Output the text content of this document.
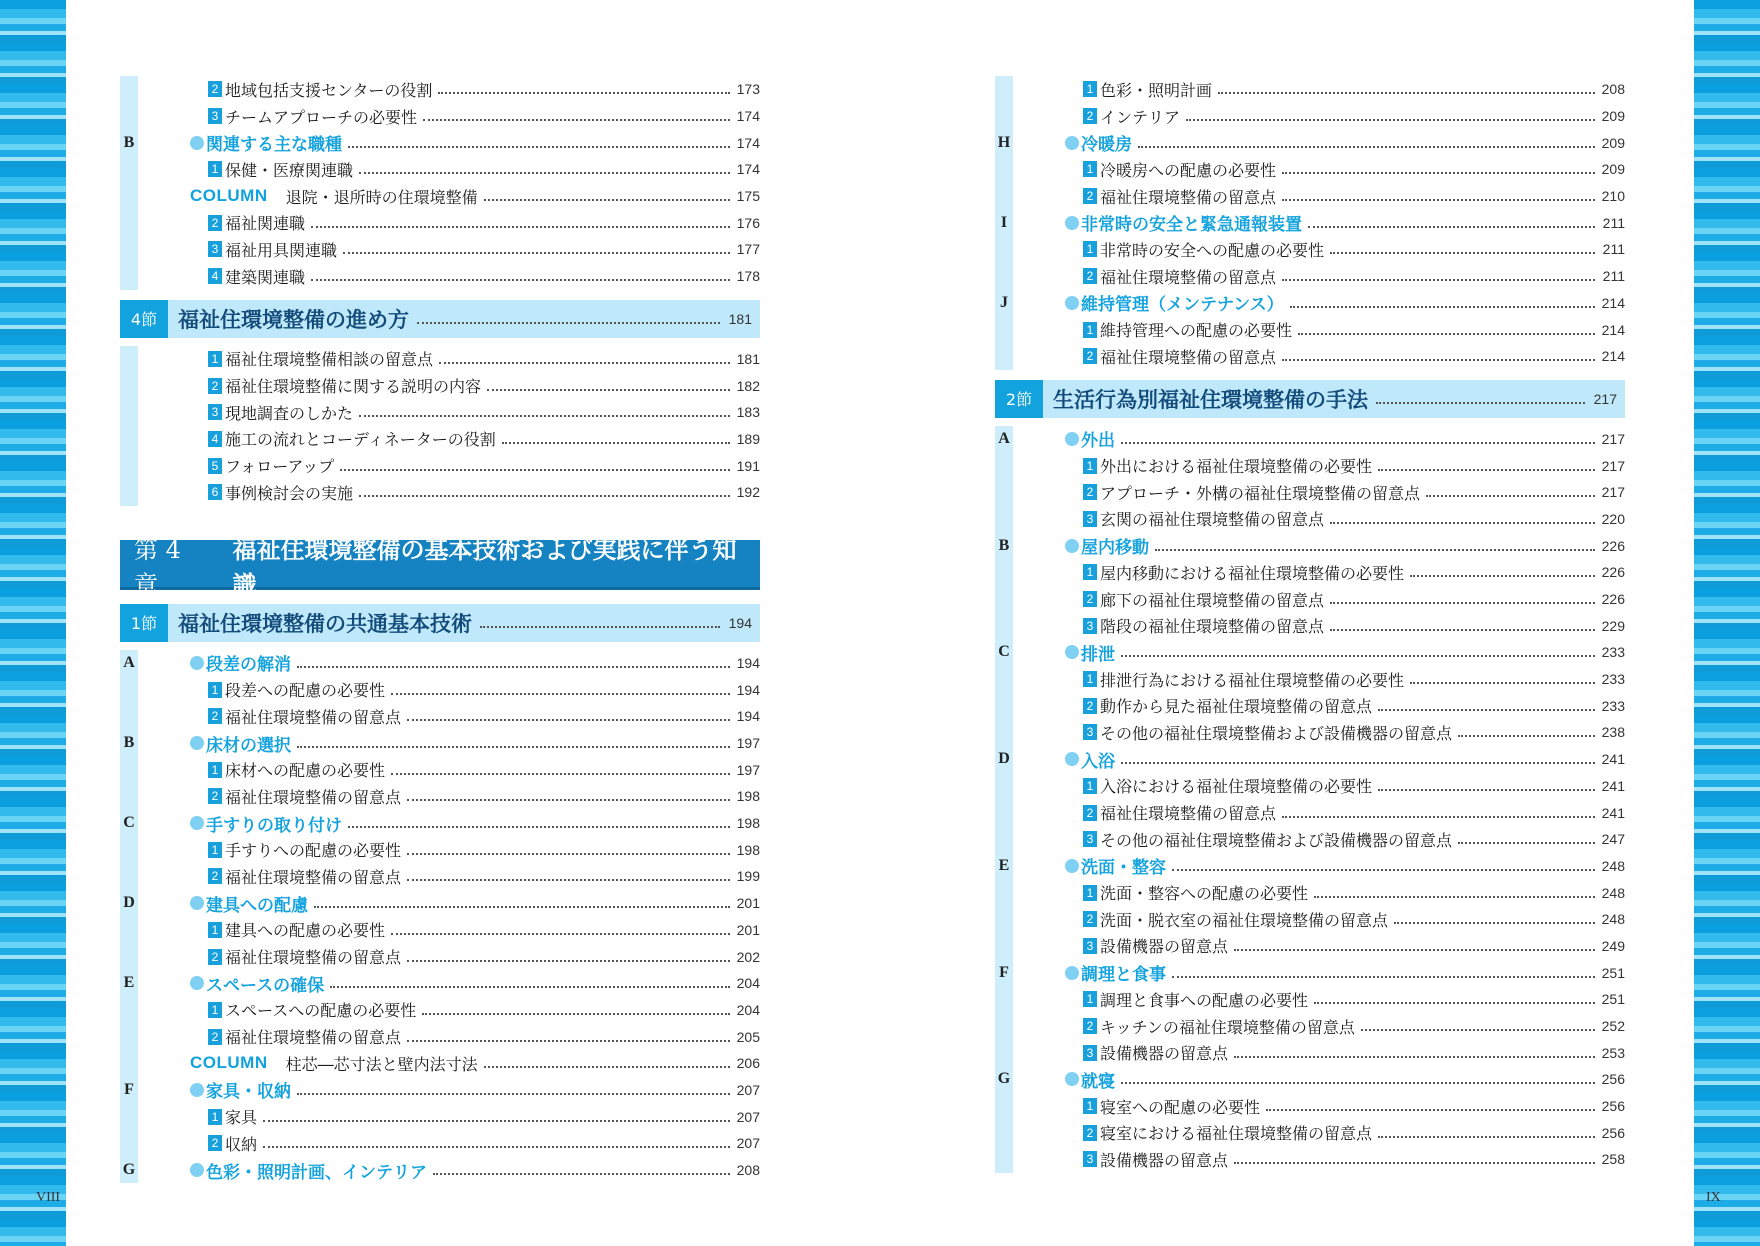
2 地域包括支援センターの役割	173
3 チームアプローチの必要性	174
B	関連する主な職種	174
1 保健・医療関連職	174
COLUMN 退院・退所時の住環境整備	175
2 福祉関連職	176
3 福祉用具関連職	177
4 建築関連職	178
4節 福祉住環境整備の進め方	181
1 福祉住環境整備相談の留意点	181
2 福祉住環境整備に関する説明の内容	182
3 現地調査のしかた	183
4 施工の流れとコーディネーターの役割	189
5 フォローアップ	191
6 事例検討会の実施	192
第 4 章
福祉住環境整備の基本技術および実践に伴う知識
1節 福祉住環境整備の共通基本技術	194
A	段差の解消	194
1 段差への配慮の必要性	194
2 福祉住環境整備の留意点	194
B	床材の選択	197
1 床材への配慮の必要性	197
2 福祉住環境整備の留意点	198
C	手すりの取り付け	198
1 手すりへの配慮の必要性	198
2 福祉住環境整備の留意点	199
D	建具への配慮	201
1 建具への配慮の必要性	201
2 福祉住環境整備の留意点	202
E	スペースの確保	204
1 スペースへの配慮の必要性	204
2 福祉住環境整備の留意点	205
COLUMN 柱芯―芯寸法と壁内法寸法	206
F	家具・収納	207
1 家具	207
2 収納	207
G	色彩・照明計画、インテリア	208
1 色彩・照明計画	208
2 インテリア	209
H	冷暖房	209
1 冷暖房への配慮の必要性	209
2 福祉住環境整備の留意点	210
I	非常時の安全と緊急通報装置	211
1 非常時の安全への配慮の必要性	211
2 福祉住環境整備の留意点	211
J	維持管理（メンテナンス）	214
1 維持管理への配慮の必要性	214
2 福祉住環境整備の留意点	214
2節 生活行為別福祉住環境整備の手法	217
A	外出	217
1 外出における福祉住環境整備の必要性	217
2 アプローチ・外構の福祉住環境整備の留意点	217
3 玄関の福祉住環境整備の留意点	220
B	屋内移動	226
1 屋内移動における福祉住環境整備の必要性	226
2 廊下の福祉住環境整備の留意点	226
3 階段の福祉住環境整備の留意点	229
C	排泄	233
1 排泄行為における福祉住環境整備の必要性	233
2 動作から見た福祉住環境整備の留意点	233
3 その他の福祉住環境整備および設備機器の留意点	238
D	入浴	241
1 入浴における福祉住環境整備の必要性	241
2 福祉住環境整備の留意点	241
3 その他の福祉住環境整備および設備機器の留意点	247
E	洗面・整容	248
1 洗面・整容への配慮の必要性	248
2 洗面・脱衣室の福祉住環境整備の留意点	248
3 設備機器の留意点	249
F	調理と食事	251
1 調理と食事への配慮の必要性	251
2 キッチンの福祉住環境整備の留意点	252
3 設備機器の留意点	253
G	就寝	256
1 寝室への配慮の必要性	256
2 寝室における福祉住環境整備の留意点	256
3 設備機器の留意点	258
VIII	IX
